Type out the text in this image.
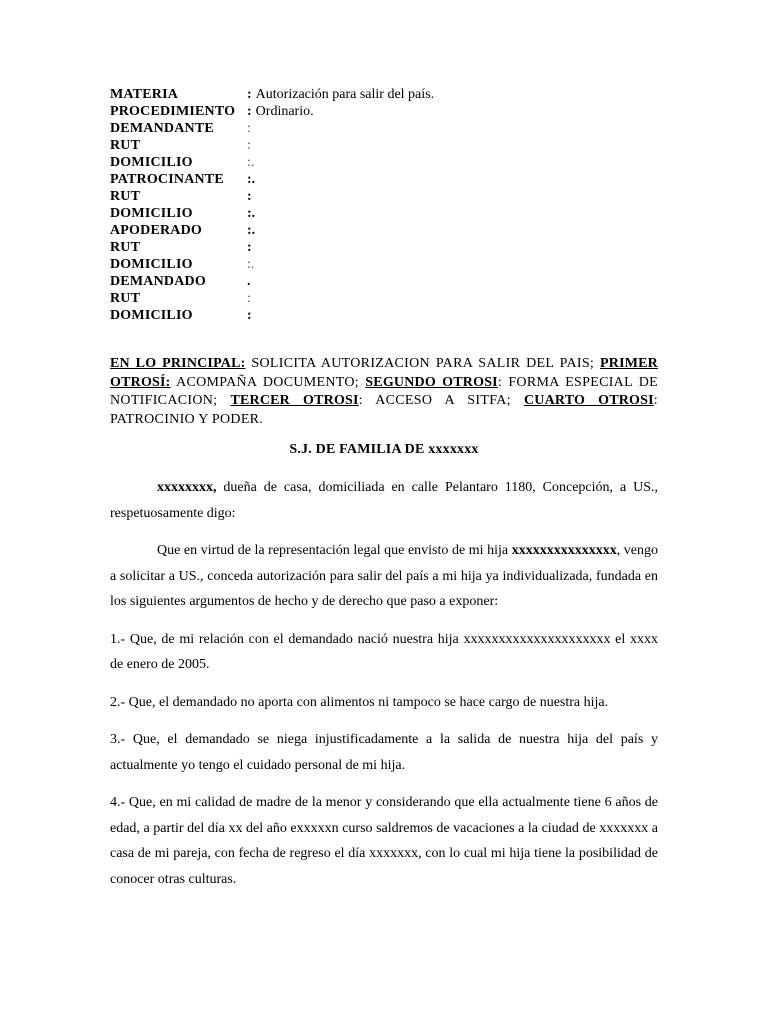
MATERIA	: Autorización para salir del país.
PROCEDIMIENTO : Ordinario.
DEMANDANTE	:
RUT	:
DOMICILIO	:.
PATROCINANTE	:.
RUT	:
DOMICILIO	:.
APODERADO	:.
RUT	:
DOMICILIO	:.
DEMANDADO	.
RUT	:
DOMICILIO	:
EN LO PRINCIPAL: SOLICITA AUTORIZACION PARA SALIR DEL PAIS; PRIMER OTROSÍ: ACOMPAÑA DOCUMENTO; SEGUNDO OTROSI: FORMA ESPECIAL DE NOTIFICACION; TERCER OTROSI: ACCESO A SITFA; CUARTO OTROSI: PATROCINIO Y PODER.
S.J. DE FAMILIA DE xxxxxxx

xxxxxxxx, dueña de casa, domiciliada en calle Pelantaro 1180, Concepción, a US., respetuosamente digo:

Que en virtud de la representación legal que envisto de mi hija xxxxxxxxxxxxxxx, vengo a solicitar a US., conceda autorización para salir del país a mi hija ya individualizada, fundada en los siguientes argumentos de hecho y de derecho que paso a exponer:

1.- Que, de mi relación con el demandado nació nuestra hija xxxxxxxxxxxxxxxxxxxxx el xxxx de enero de 2005.

2.- Que, el demandado no aporta con alimentos ni tampoco se hace cargo de nuestra hija.

3.- Que, el demandado se niega injustificadamente a la salida de nuestra hija del país y actualmente yo tengo el cuidado personal de mi hija.

4.- Que, en mi calidad de madre de la menor y considerando que ella actualmente tiene 6 años de edad, a partir del día xx del año exxxxxn curso saldremos de vacaciones a la ciudad de xxxxxxx a casa de mi pareja, con fecha de regreso el día xxxxxxx, con lo cual mi hija tiene la posibilidad de conocer otras culturas.
